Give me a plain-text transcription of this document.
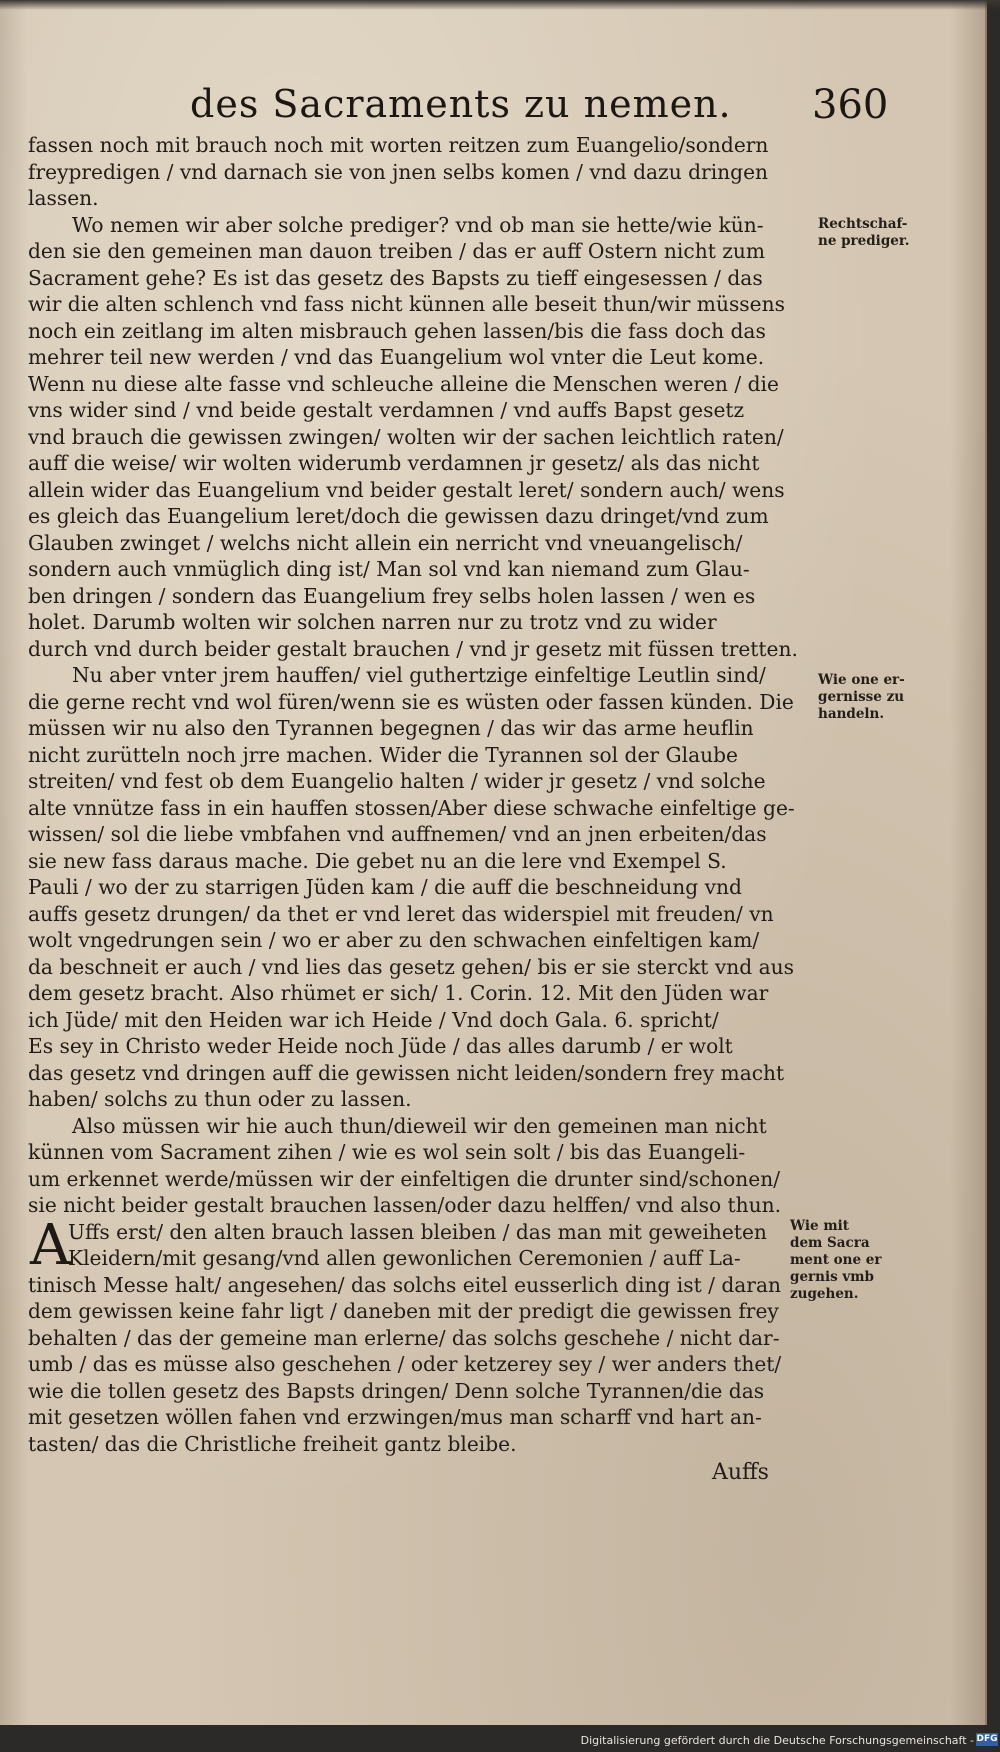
des Sacraments zu nemen. 360
fassen noch mit brauch noch mit worten reitzen zum Euangelio/sondern
freypredigen / vnd darnach sie von jnen selbs komen / vnd dazu dringen
lassen.
Wo nemen wir aber solche prediger? vnd ob man sie hette/wie kün-
den sie den gemeinen man dauon treiben / das er auff Ostern nicht zum
Sacrament gehe? Es ist das gesetz des Bapsts zu tieff eingesessen / das
wir die alten schlench vnd fass nicht künnen alle beseit thun/wir müssens
noch ein zeitlang im alten misbrauch gehen lassen/bis die fass doch das
mehrer teil new werden / vnd das Euangelium wol vnter die Leut kome.
Wenn nu diese alte fasse vnd schleuche alleine die Menschen weren / die
vns wider sind / vnd beide gestalt verdamnen / vnd auffs Bapst gesetz
vnd brauch die gewissen zwingen/ wolten wir der sachen leichtlich raten/
auff die weise/ wir wolten widerumb verdamnen jr gesetz/ als das nicht
allein wider das Euangelium vnd beider gestalt leret/ sondern auch/ wens
es gleich das Euangelium leret/doch die gewissen dazu dringet/vnd zum
Glauben zwinget / welchs nicht allein ein nerricht vnd vneuangelisch/
sondern auch vnmüglich ding ist/ Man sol vnd kan niemand zum Glau-
ben dringen / sondern das Euangelium frey selbs holen lassen / wen es
holet. Darumb wolten wir solchen narren nur zu trotz vnd zu wider
durch vnd durch beider gestalt brauchen / vnd jr gesetz mit füssen tretten.
Nu aber vnter jrem hauffen/ viel guthertzige einfeltige Leutlin sind/
die gerne recht vnd wol füren/wenn sie es wüsten oder fassen künden. Die
müssen wir nu also den Tyrannen begegnen / das wir das arme heuflin
nicht zurütteln noch jrre machen. Wider die Tyrannen sol der Glaube
streiten/ vnd fest ob dem Euangelio halten / wider jr gesetz / vnd solche
alte vnnütze fass in ein hauffen stossen/Aber diese schwache einfeltige ge-
wissen/ sol die liebe vmbfahen vnd auffnemen/ vnd an jnen erbeiten/das
sie new fass daraus mache. Die gebet nu an die lere vnd Exempel S.
Pauli / wo der zu starrigen Jüden kam / die auff die beschneidung vnd
auffs gesetz drungen/ da thet er vnd leret das widerspiel mit freuden/ vn
wolt vngedrungen sein / wo er aber zu den schwachen einfeltigen kam/
da beschneit er auch / vnd lies das gesetz gehen/ bis er sie sterckt vnd aus
dem gesetz bracht. Also rhümet er sich/ 1. Corin. 12. Mit den Jüden war
ich Jüde/ mit den Heiden war ich Heide / Vnd doch Gala. 6. spricht/
Es sey in Christo weder Heide noch Jüde / das alles darumb / er wolt
das gesetz vnd dringen auff die gewissen nicht leiden/sondern frey macht
haben/ solchs zu thun oder zu lassen.
Also müssen wir hie auch thun/dieweil wir den gemeinen man nicht
künnen vom Sacrament zihen / wie es wol sein solt / bis das Euangeli-
um erkennet werde/müssen wir der einfeltigen die drunter sind/schonen/
sie nicht beider gestalt brauchen lassen/oder dazu helffen/ vnd also thun.
Uffs erst/ den alten brauch lassen bleiben / das man mit geweiheten
Kleidern/mit gesang/vnd allen gewonlichen Ceremonien / auff La-
tinisch Messe halt/ angesehen/ das solchs eitel eusserlich ding ist / daran
dem gewissen keine fahr ligt / daneben mit der predigt die gewissen frey
behalten / das der gemeine man erlerne/ das solchs geschehe / nicht dar-
umb / das es müsse also geschehen / oder ketzerey sey / wer anders thet/
wie die tollen gesetz des Bapsts dringen/ Denn solche Tyrannen/die das
mit gesetzen wöllen fahen vnd erzwingen/mus man scharff vnd hart an-
tasten/ das die Christliche freiheit gantz bleibe.
A
Rechtschaf-
ne prediger.
Wie one er-
gernisse zu
handeln.
Wie mit
dem Sacra
ment one er
gernis vmb
zugehen.
Auffs
Digitalisierung gefördert durch die Deutsche Forschungsgemeinschaft - DFG
